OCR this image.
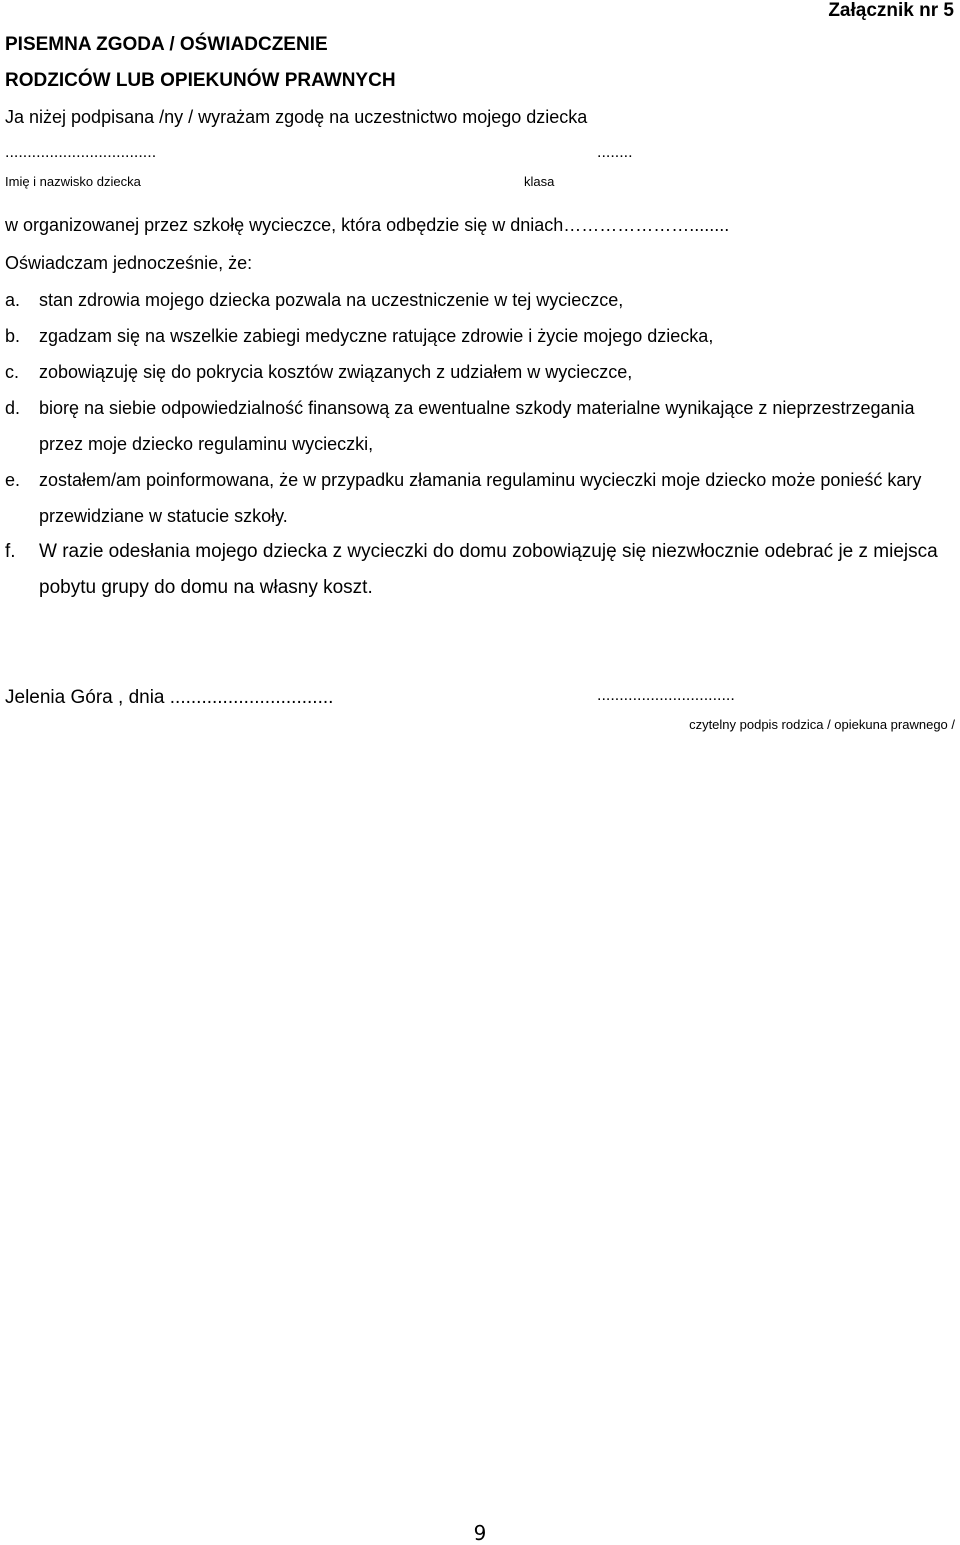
Załącznik nr 5

PISEMNA ZGODA / OŚWIADCZENIE

RODZICÓW LUB OPIEKUNÓW PRAWNYCH

Ja niżej podpisana /ny / wyrażam zgodę na uczestnictwo mojego dziecka

..................................	........

Imię i nazwisko dziecka	klasa

w organizowanej przez szkołę wycieczce, która odbędzie się w dniach…………………........

Oświadczam jednocześnie, że:

a. stan zdrowia mojego dziecka pozwala na uczestniczenie w tej wycieczce,
b. zgadzam się na wszelkie zabiegi medyczne ratujące zdrowie i życie mojego dziecka,
c. zobowiązuję się do pokrycia kosztów związanych z udziałem w wycieczce,
d. biorę na siebie odpowiedzialność finansową za ewentualne szkody materialne wynikające z nieprzestrzegania przez moje dziecko regulaminu wycieczki,
e. zostałem/am poinformowana, że w przypadku złamania regulaminu wycieczki moje dziecko może ponieść kary przewidziane w statucie szkoły.
f. W razie odesłania mojego dziecka z wycieczki do domu zobowiązuję się niezwłocznie odebrać je z miejsca pobytu grupy do domu na własny koszt.

Jelenia Góra , dnia ...............................	...............................

czytelny podpis rodzica / opiekuna prawnego /

9
